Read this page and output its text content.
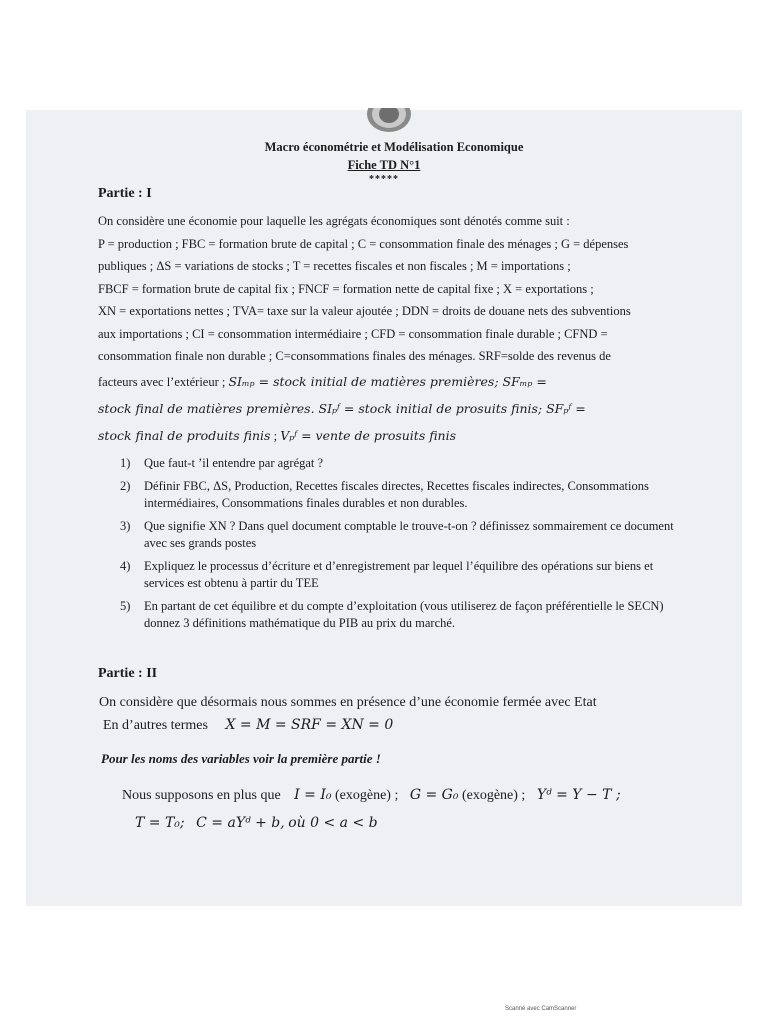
Macro économétrie et Modélisation Economique
Fiche TD N°1
*****
Partie : I
On considère une économie pour laquelle les agrégats économiques sont dénotés comme suit :
P = production ; FBC = formation brute de capital ; C = consommation finale des ménages ; G = dépenses
publiques ; ΔS = variations de stocks ; T = recettes fiscales et non fiscales ; M = importations ;
FBCF = formation brute de capital fix ; FNCF = formation nette de capital fixe ; X = exportations ;
XN = exportations nettes ; TVA= taxe sur la valeur ajoutée ; DDN = droits de douane nets des subventions
aux importations ; CI = consommation intermédiaire ; CFD = consommation finale durable ; CFND =
consommation finale non durable ; C=consommations finales des ménages. SRF=solde des revenus de
facteurs avec l’extérieur ; SIₘₚ = stock initial de matières premières; SFₘₚ =
stock final de matières premières. SIₚᶠ = stock initial de prosuits finis; SFₚᶠ =
stock final de produits finis ; Vₚᶠ = vente de prosuits finis
1) Que faut-t ’il entendre par agrégat ?
2) Définir FBC, ΔS, Production, Recettes fiscales directes, Recettes fiscales indirectes, Consommations intermédiaires, Consommations finales durables et non durables.
3) Que signifie XN ? Dans quel document comptable le trouve-t-on ? définissez sommairement ce document avec ses grands postes
4) Expliquez le processus d’écriture et d’enregistrement par lequel l’équilibre des opérations sur biens et services est obtenu à partir du TEE
5) En partant de cet équilibre et du compte d’exploitation (vous utiliserez de façon préférentielle le SECN) donnez 3 définitions mathématique du PIB au prix du marché.
Partie : II
On considère que désormais nous sommes en présence d’une économie fermée avec Etat
En d’autres termes X = M = SRF = XN = 0
Pour les noms des variables voir la première partie !
Nous supposons en plus que I = I₀ (exogène) ; G = G₀ (exogène) ; Yᵈ = Y − T ;
T = T₀; C = aYᵈ + b, où 0 < a < b
Scanné avec CamScanner
